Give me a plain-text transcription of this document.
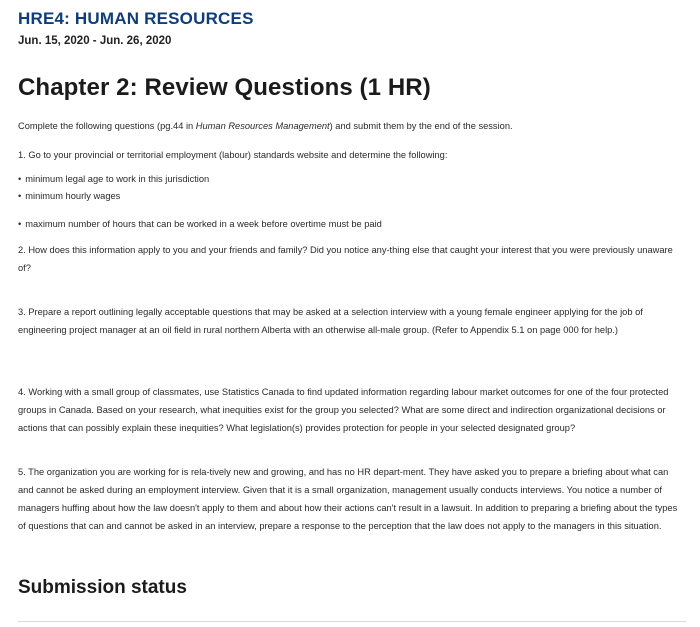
HRE4: HUMAN RESOURCES
Jun. 15, 2020 - Jun. 26, 2020
Chapter 2: Review Questions (1 HR)
Complete the following questions (pg.44 in Human Resources Management) and submit them by the end of the session.
1. Go to your provincial or territorial employment (labour) standards website and determine the following:
• minimum legal age to work in this jurisdiction
• minimum hourly wages
• maximum number of hours that can be worked in a week before overtime must be paid
2. How does this information apply to you and your friends and family? Did you notice any-thing else that caught your interest that you were previously unaware of?
3. Prepare a report outlining legally acceptable questions that may be asked at a selection interview with a young female engineer applying for the job of engineering project manager at an oil field in rural northern Alberta with an otherwise all-male group. (Refer to Appendix 5.1 on page 000 for help.)
4. Working with a small group of classmates, use Statistics Canada to find updated information regarding labour market outcomes for one of the four protected groups in Canada. Based on your research, what inequities exist for the group you selected? What are some direct and indirection organizational decisions or actions that can possibly explain these inequities? What legislation(s) provides protection for people in your selected designated group?
5. The organization you are working for is rela-tively new and growing, and has no HR depart-ment. They have asked you to prepare a briefing about what can and cannot be asked during an employment interview. Given that it is a small organization, management usually conducts interviews. You notice a number of managers huffing about how the law doesn't apply to them and about how their actions can't result in a lawsuit. In addition to preparing a briefing about the types of questions that can and cannot be asked in an interview, prepare a response to the perception that the law does not apply to the managers in this situation.
Submission status
